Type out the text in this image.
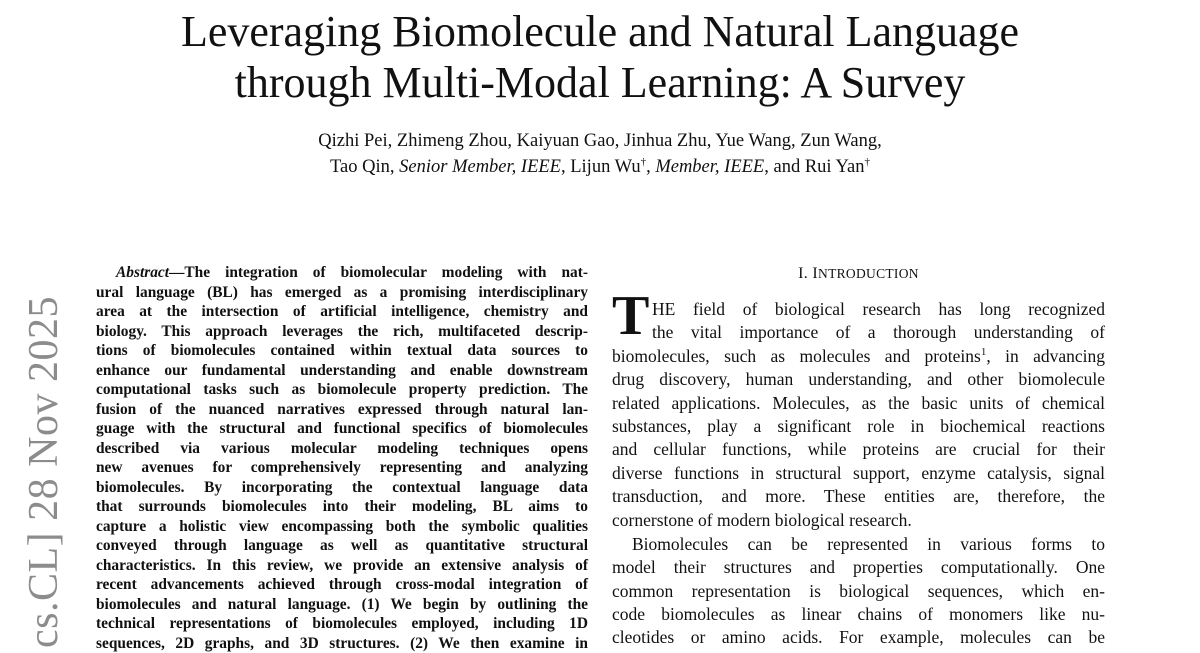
Leveraging Biomolecule and Natural Language
through Multi-Modal Learning: A Survey
Qizhi Pei, Zhimeng Zhou, Kaiyuan Gao, Jinhua Zhu, Yue Wang, Zun Wang,
Tao Qin, Senior Member, IEEE, Lijun Wu†, Member, IEEE, and Rui Yan†
cs.CL] 28 Nov 2025
Abstract—The integration of biomolecular modeling with nat-
ural language (BL) has emerged as a promising interdisciplinary
area at the intersection of artificial intelligence, chemistry and
biology. This approach leverages the rich, multifaceted descrip-
tions of biomolecules contained within textual data sources to
enhance our fundamental understanding and enable downstream
computational tasks such as biomolecule property prediction. The
fusion of the nuanced narratives expressed through natural lan-
guage with the structural and functional specifics of biomolecules
described via various molecular modeling techniques opens
new avenues for comprehensively representing and analyzing
biomolecules. By incorporating the contextual language data
that surrounds biomolecules into their modeling, BL aims to
capture a holistic view encompassing both the symbolic qualities
conveyed through language as well as quantitative structural
characteristics. In this review, we provide an extensive analysis of
recent advancements achieved through cross-modal integration of
biomolecules and natural language. (1) We begin by outlining the
technical representations of biomolecules employed, including 1D
sequences, 2D graphs, and 3D structures. (2) We then examine in
I. INTRODUCTION
T HE field of biological research has long recognized
the vital importance of a thorough understanding of
biomolecules, such as molecules and proteins$^1$, in advancing
drug discovery, human understanding, and other biomolecule
related applications. Molecules, as the basic units of chemical
substances, play a significant role in biochemical reactions
and cellular functions, while proteins are crucial for their
diverse functions in structural support, enzyme catalysis, signal
transduction, and more. These entities are, therefore, the
cornerstone of modern biological research.
Biomolecules can be represented in various forms to
model their structures and properties computationally. One
common representation is biological sequences, which en-
code biomolecules as linear chains of monomers like nu-
cleotides or amino acids. For example, molecules can be
